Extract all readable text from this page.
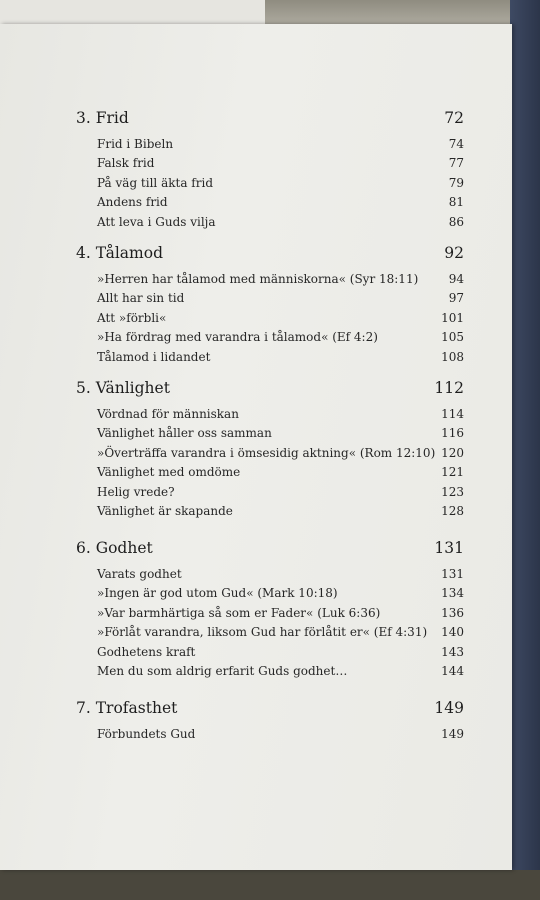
3. Frid	72
Frid i Bibeln	74
Falsk frid	77
På väg till äkta frid	79
Andens frid	81
Att leva i Guds vilja	86
4. Tålamod	92
»Herren har tålamod med människorna« (Syr 18:11)	94
Allt har sin tid	97
Att »förbli«	101
»Ha fördrag med varandra i tålamod« (Ef 4:2)	105
Tålamod i lidandet	108
5. Vänlighet	112
Vördnad för människan	114
Vänlighet håller oss samman	116
»Överträffa varandra i ömsesidig aktning« (Rom 12:10) 120
Vänlighet med omdöme	121
Helig vrede?	123
Vänlighet är skapande	128
6. Godhet	131
Varats godhet	131
»Ingen är god utom Gud« (Mark 10:18)	134
»Var barmhärtiga så som er Fader« (Luk 6:36)	136
»Förlåt varandra, liksom Gud har förlåtit er« (Ef 4:31) 140
Godhetens kraft	143
Men du som aldrig erfarit Guds godhet…	144
7. Trofasthet	149
Förbundets Gud	149
